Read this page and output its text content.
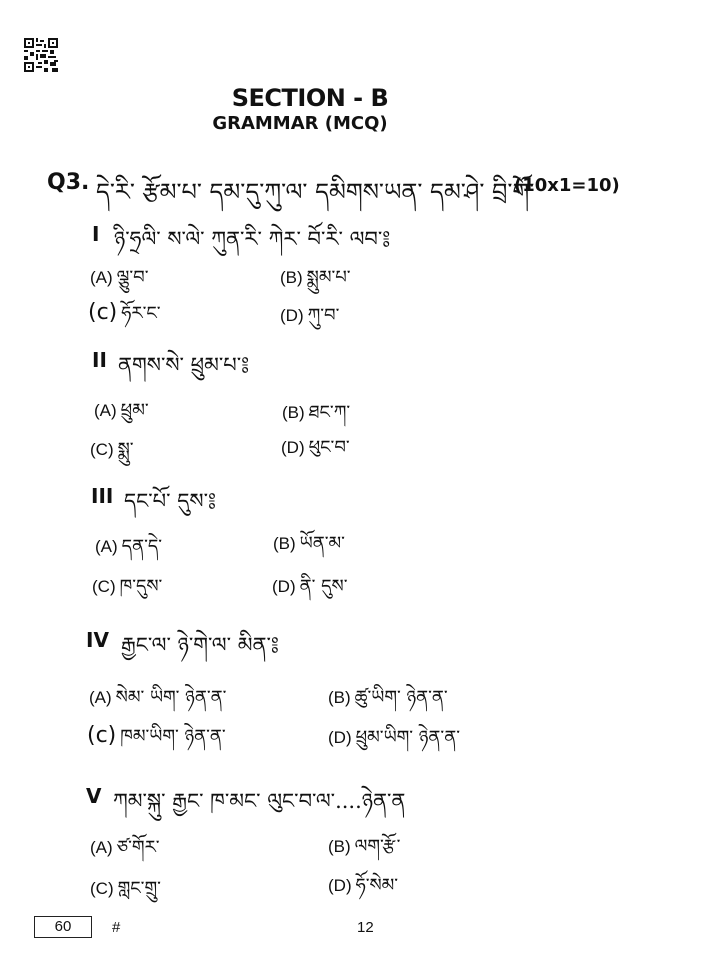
SECTION - B
GRAMMAR (MCQ)
Q3. དེ་རི་ རྩོམ་པ་ དམ་དུ་ཀུ་ལ་ དམིགས་ཡན་ དམ་ཤེ་ བྲི་གོ་
(10x1=10)
I ཉི་ཧྲལི་ ས་ལེ་ ཀུན་རི་ ཀེར་ བོ་རི་ ལབ་༔
(A) ལྕུ་བ་	(B) སྨུམ་པ་
(c) ཧོར་ང་	(D) ཀུ་བ་
II ནགས་སེ་ ཕྲུམ་པ་༔
(A) ཕྲུམ་	(B) ཐང་ཀ་
(C) སྨུ་	(D) ཕུང་བ་
III དང་པོ་ དུས་༔
(A) དན་དེ་	(B) ཡོན་མ་
(C) ཁ་དུས་	(D) ནི་ དུས་
IV རྒྱང་ལ་ ཉེ་གེ་ལ་ མིན་༔
(A) སེམ་ ཡིག་ ཉེན་ན་	(B) ཚུ་ཡིག་ ཉེན་ན་
(c) ཁམ་ཡིག་ ཉེན་ན་	(D) ཕྲུམ་ཡིག་ ཉེན་ན་
V ཀམ་སྐུ་ རྒྱང་ ཁ་མང་ ལུང་བ་ལ་....ཉེན་ན
(A) ཙ་གོར་	(B) ལག་རྩོ་
(C) གླང་གྲུ་	(D) ཧོ་སེམ་
60	#	12
